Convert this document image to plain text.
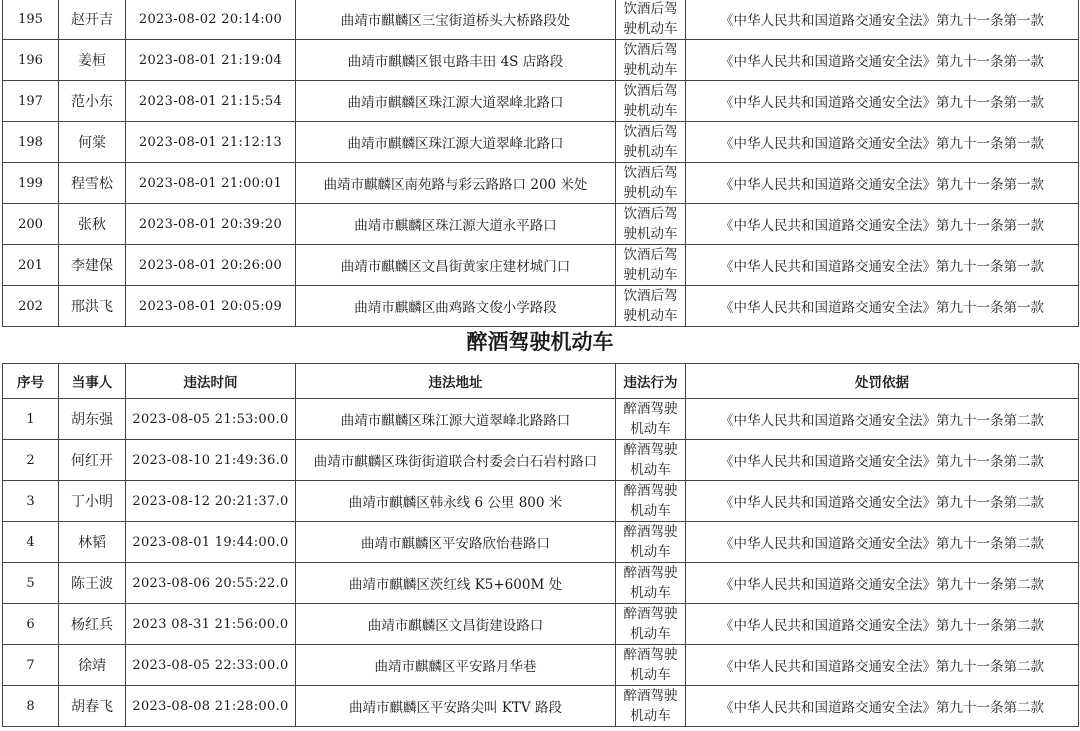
195	赵开吉	2023-08-02 20:14:00	曲靖市麒麟区三宝街道桥头大桥路段处	饮酒后驾驶机动车	《中华人民共和国道路交通安全法》第九十一条第一款
196	姜桓	2023-08-01 21:19:04	曲靖市麒麟区银屯路丰田 4S 店路段	饮酒后驾驶机动车	《中华人民共和国道路交通安全法》第九十一条第一款
197	范小东	2023-08-01 21:15:54	曲靖市麒麟区珠江源大道翠峰北路口	饮酒后驾驶机动车	《中华人民共和国道路交通安全法》第九十一条第一款
198	何棠	2023-08-01 21:12:13	曲靖市麒麟区珠江源大道翠峰北路口	饮酒后驾驶机动车	《中华人民共和国道路交通安全法》第九十一条第一款
199	程雪松	2023-08-01 21:00:01	曲靖市麒麟区南苑路与彩云路路口 200 米处	饮酒后驾驶机动车	《中华人民共和国道路交通安全法》第九十一条第一款
200	张秋	2023-08-01 20:39:20	曲靖市麒麟区珠江源大道永平路口	饮酒后驾驶机动车	《中华人民共和国道路交通安全法》第九十一条第一款
201	李建保	2023-08-01 20:26:00	曲靖市麒麟区文昌街黄家庄建材城门口	饮酒后驾驶机动车	《中华人民共和国道路交通安全法》第九十一条第一款
202	邢洪飞	2023-08-01 20:05:09	曲靖市麒麟区曲鸡路文俊小学路段	饮酒后驾驶机动车	《中华人民共和国道路交通安全法》第九十一条第一款
醉酒驾驶机动车
序号	当事人	违法时间	违法地址	违法行为	处罚依据
1	胡东强	2023-08-05 21:53:00.0	曲靖市麒麟区珠江源大道翠峰北路路口	醉酒驾驶机动车	《中华人民共和国道路交通安全法》第九十一条第二款
2	何红开	2023-08-10 21:49:36.0	曲靖市麒麟区珠街街道联合村委会白石岩村路口	醉酒驾驶机动车	《中华人民共和国道路交通安全法》第九十一条第二款
3	丁小明	2023-08-12 20:21:37.0	曲靖市麒麟区韩永线 6 公里 800 米	醉酒驾驶机动车	《中华人民共和国道路交通安全法》第九十一条第二款
4	林韬	2023-08-01 19:44:00.0	曲靖市麒麟区平安路欣怡巷路口	醉酒驾驶机动车	《中华人民共和国道路交通安全法》第九十一条第二款
5	陈王波	2023-08-06 20:55:22.0	曲靖市麒麟区茨红线 K5+600M 处	醉酒驾驶机动车	《中华人民共和国道路交通安全法》第九十一条第二款
6	杨红兵	2023 08-31 21:56:00.0	曲靖市麒麟区文昌街建设路口	醉酒驾驶机动车	《中华人民共和国道路交通安全法》第九十一条第二款
7	徐靖	2023-08-05 22:33:00.0	曲靖市麒麟区平安路月华巷	醉酒驾驶机动车	《中华人民共和国道路交通安全法》第九十一条第二款
8	胡春飞	2023-08-08 21:28:00.0	曲靖市麒麟区平安路尖叫 KTV 路段	醉酒驾驶机动车	《中华人民共和国道路交通安全法》第九十一条第二款
